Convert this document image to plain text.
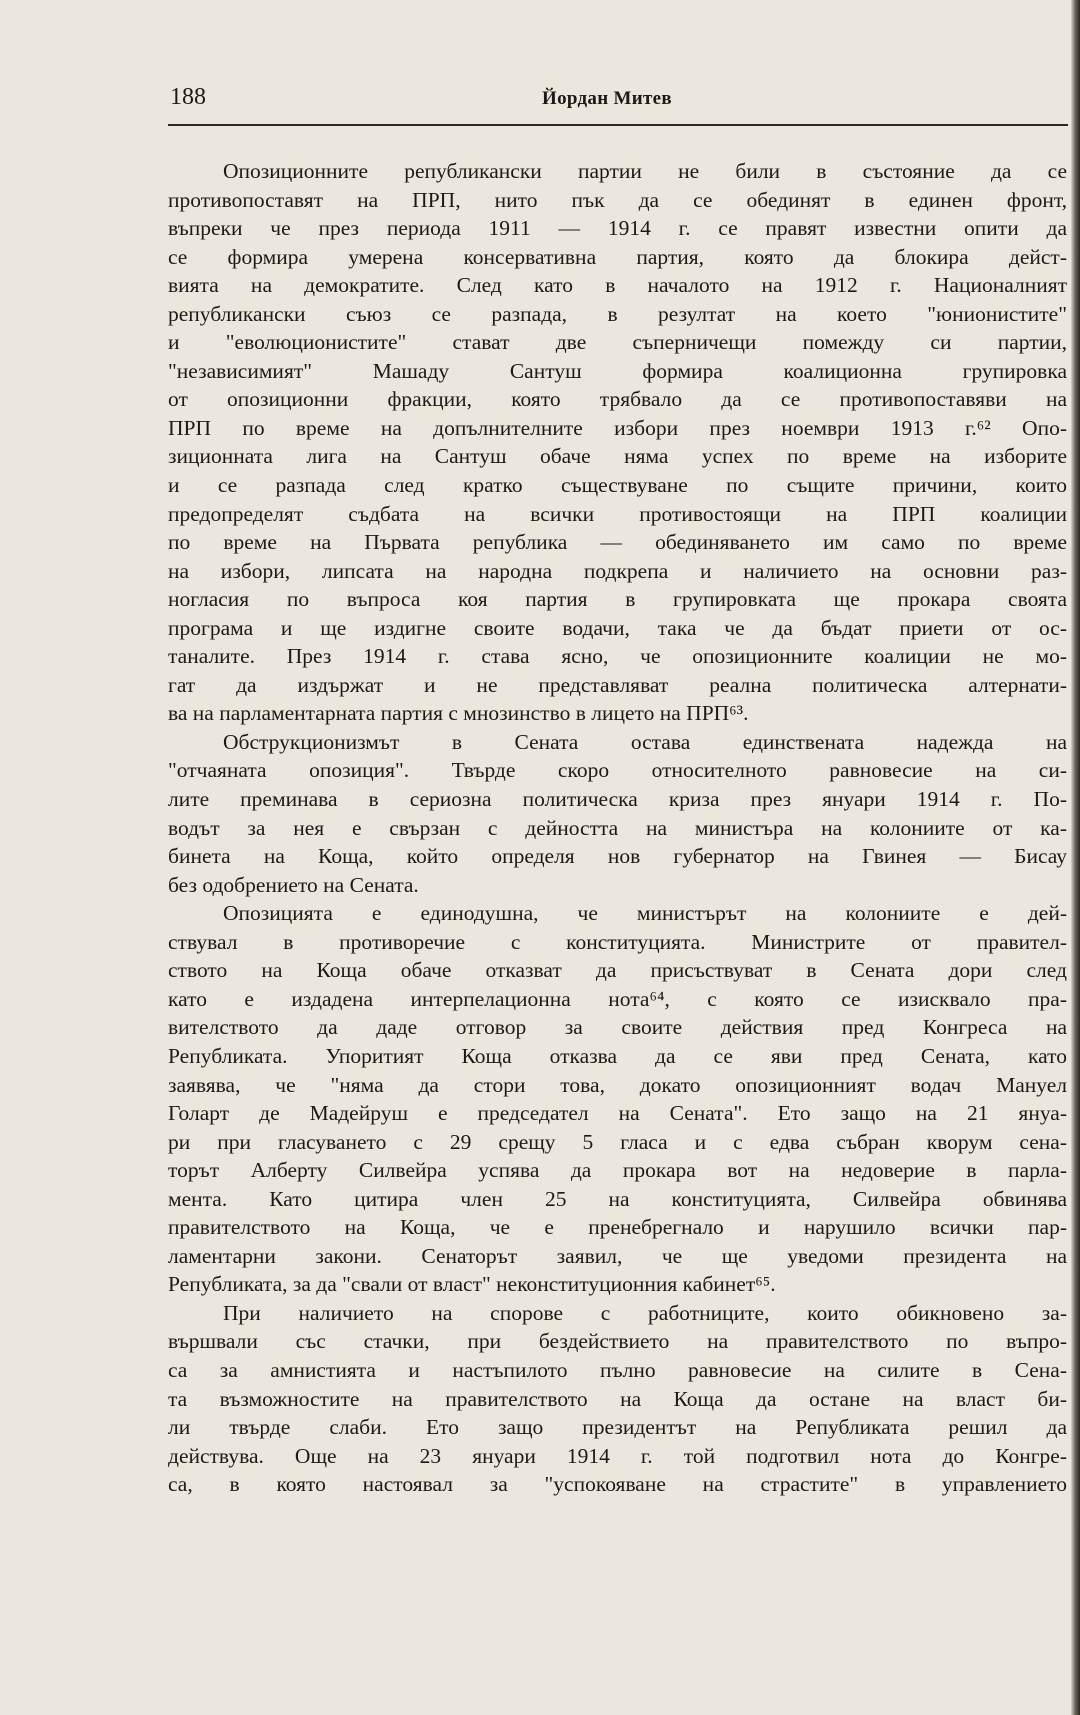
188	Йордан Митев
Опозиционните републикански партии не били в състояние да се
противопоставят на ПРП, нито пък да се обединят в единен фронт,
въпреки че през периода 1911 — 1914 г. се правят известни опити да
се формира умерена консервативна партия, която да блокира дейст-
вията на демократите. След като в началото на 1912 г. Националният
републикански съюз се разпада, в резултат на което "юнионистите"
и "еволюционистите" стават две съперничещи помежду си партии,
"независимият" Машаду Сантуш формира коалиционна групировка
от опозиционни фракции, която трябвало да се противопоставяви на
ПРП по време на допълнителните избори през ноември 1913 г.⁶² Опо-
зиционната лига на Сантуш обаче няма успех по време на изборите
и се разпада след кратко съществуване по същите причини, които
предопределят съдбата на всички противостоящи на ПРП коалиции
по време на Първата република — обединяването им само по време
на избори, липсата на народна подкрепа и наличието на основни раз-
ногласия по въпроса коя партия в групировката ще прокара своята
програма и ще издигне своите водачи, така че да бъдат приети от ос-
таналите. През 1914 г. става ясно, че опозиционните коалиции не мо-
гат да издържат и не представляват реална политическа алтернати-
ва на парламентарната партия с мнозинство в лицето на ПРП⁶³.
Обструкционизмът в Сената остава единствената надежда на
"отчаяната опозиция". Твърде скоро относителното равновесие на си-
лите преминава в сериозна политическа криза през януари 1914 г. По-
водът за нея е свързан с дейността на министъра на колониите от ка-
бинета на Коща, който определя нов губернатор на Гвинея — Бисау
без одобрението на Сената.
Опозицията е единодушна, че министърът на колониите е дей-
ствувал в противоречие с конституцията. Министрите от правител-
ството на Коща обаче отказват да присъствуват в Сената дори след
като е издадена интерпелационна нота⁶⁴, с която се изисквало пра-
вителството да даде отговор за своите действия пред Конгреса на
Републиката. Упоритият Коща отказва да се яви пред Сената, като
заявява, че "няма да стори това, докато опозиционният водач Мануел
Голарт де Мадейруш е председател на Сената". Ето защо на 21 януа-
ри при гласуването с 29 срещу 5 гласа и с едва събран кворум сена-
торът Алберту Силвейра успява да прокара вот на недоверие в парла-
мента. Като цитира член 25 на конституцията, Силвейра обвинява
правителството на Коща, че е пренебрегнало и нарушило всички пар-
ламентарни закони. Сенаторът заявил, че ще уведоми президента на
Републиката, за да "свали от власт" неконституционния кабинет⁶⁵.
При наличието на спорове с работниците, които обикновено за-
вършвали със стачки, при бездействието на правителството по въпро-
са за амнистията и настъпилото пълно равновесие на силите в Сена-
та възможностите на правителството на Коща да остане на власт би-
ли твърде слаби. Ето защо президентът на Републиката решил да
действува. Още на 23 януари 1914 г. той подготвил нота до Конгре-
са, в която настоявал за "успокояване на страстите" в управлението
